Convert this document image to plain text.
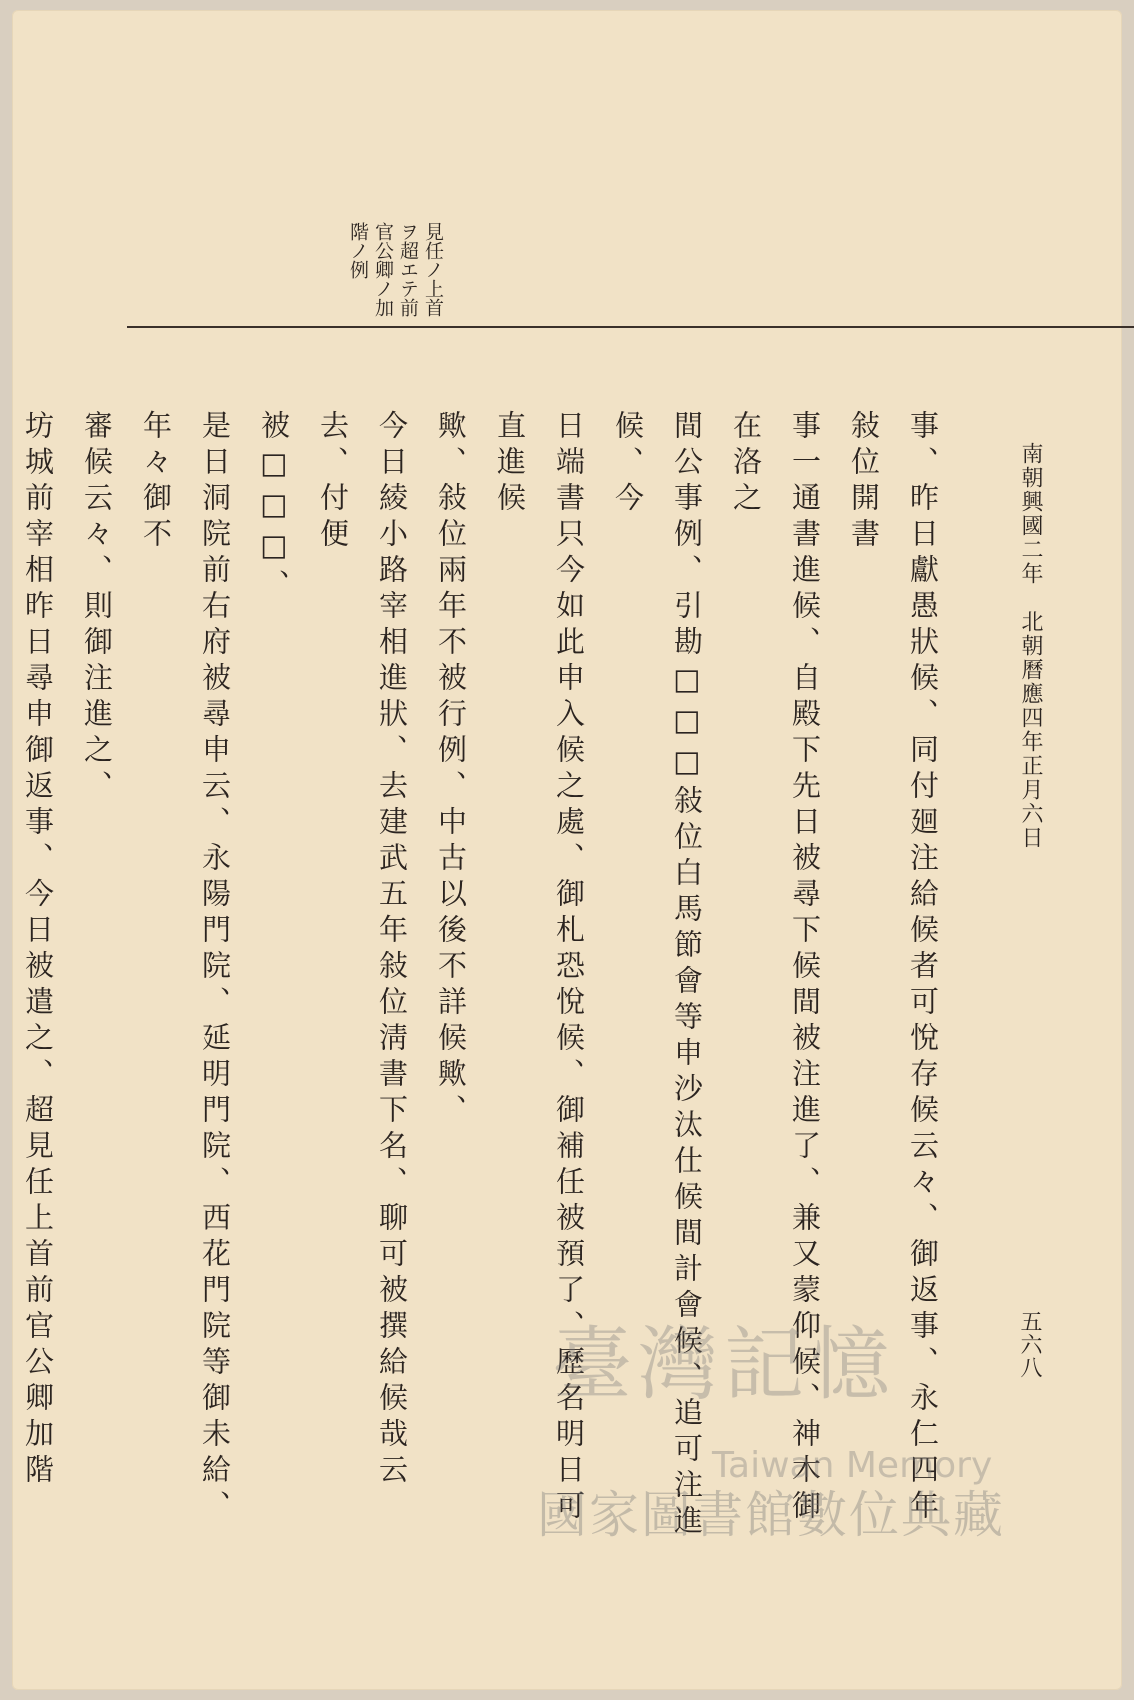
南朝興國二年　北朝曆應四年正月六日
五六八
見任ノ上首ヲ超エテ前官公卿ノ加階ノ例

事、昨日獻愚狀候、同付廻注給候者可悅存候云々、御返事、永仁四年敍位開書

事一通書進候、自殿下先日被尋下候間被注進了、兼又蒙仰候、神木御在洛之

間公事例、引勘□□□敍位白馬節會等申沙汰仕候間計會候、追可注進候、今

日端書只今如此申入候之處、御札恐悅候、御補任被預了、歷名明日可直進候

歟、敍位兩年不被行例、中古以後不詳候歟、

今日綾小路宰相進狀、去建武五年敍位淸書下名、聊可被撰給候哉云去、付便

被□□□、

是日洞院前右府被尋申云、永陽門院、延明門院、西花門院等御未給、年々御不

審候云々、則御注進之、

坊城前宰相昨日尋申御返事、今日被遣之、超見任上首前官公卿加階

臺灣記憶
Taiwan Memory
國家圖書館數位典藏
